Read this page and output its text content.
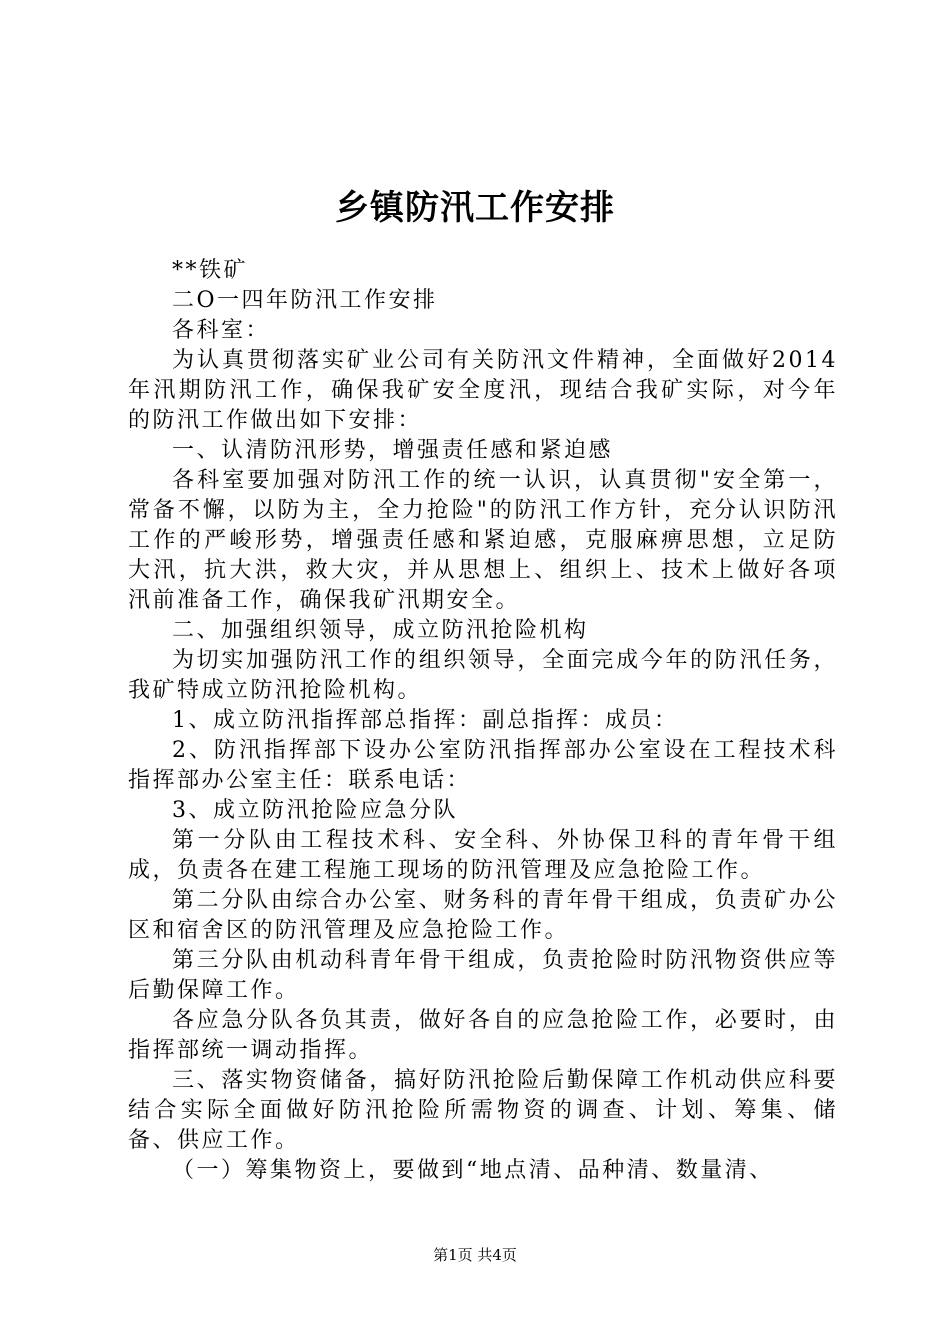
乡镇防汛工作安排

**铁矿

二O一四年防汛工作安排

各科室：

为认真贯彻落实矿业公司有关防汛文件精神，全面做好2014年汛期防汛工作，确保我矿安全度汛，现结合我矿实际，对今年的防汛工作做出如下安排：

一、认清防汛形势，增强责任感和紧迫感

各科室要加强对防汛工作的统一认识，认真贯彻"安全第一，常备不懈，以防为主，全力抢险"的防汛工作方针，充分认识防汛工作的严峻形势，增强责任感和紧迫感，克服麻痹思想，立足防大汛，抗大洪，救大灾，并从思想上、组织上、技术上做好各项汛前准备工作，确保我矿汛期安全。

二、加强组织领导，成立防汛抢险机构

为切实加强防汛工作的组织领导，全面完成今年的防汛任务，我矿特成立防汛抢险机构。

1、成立防汛指挥部总指挥：副总指挥：成员：

2、防汛指挥部下设办公室防汛指挥部办公室设在工程技术科指挥部办公室主任：联系电话：

3、成立防汛抢险应急分队

第一分队由工程技术科、安全科、外协保卫科的青年骨干组成，负责各在建工程施工现场的防汛管理及应急抢险工作。

第二分队由综合办公室、财务科的青年骨干组成，负责矿办公区和宿舍区的防汛管理及应急抢险工作。

第三分队由机动科青年骨干组成，负责抢险时防汛物资供应等后勤保障工作。

各应急分队各负其责，做好各自的应急抢险工作，必要时，由指挥部统一调动指挥。

三、落实物资储备，搞好防汛抢险后勤保障工作机动供应科要结合实际全面做好防汛抢险所需物资的调查、计划、筹集、储备、供应工作。

（一）筹集物资上，要做到“地点清、品种清、数量清、

第1页 共4页
